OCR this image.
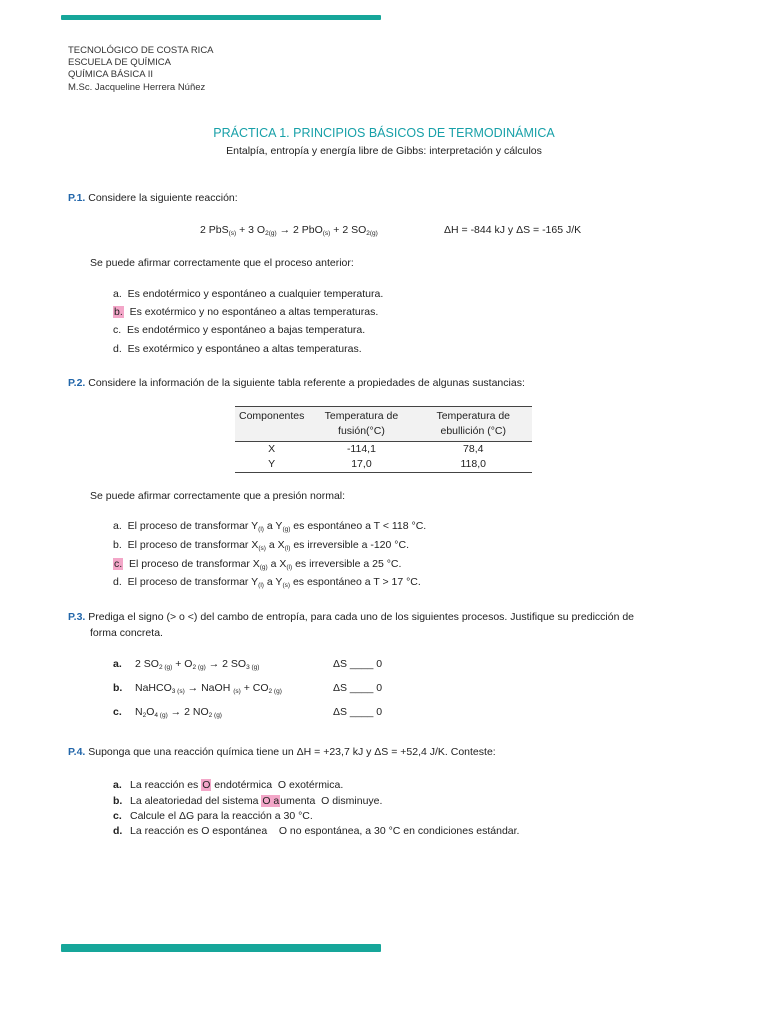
TECNOLÓGICO DE COSTA RICA
ESCUELA DE QUÍMICA
QUÍMICA BÁSICA II
M.Sc. Jacqueline Herrera Núñez
PRÁCTICA 1. PRINCIPIOS BÁSICOS DE TERMODINÁMICA
Entalpía, entropía y energía libre de Gibbs: interpretación y cálculos
P.1. Considere la siguiente reacción:
2 PbS$_{(s)}$ + 3 $O_{2(g)} \to 2$ PbO$_{(s)}$ + 2 $SO_{2(g)}$	ΔH = -844 kJ y ΔS = -165 J/K
Se puede afirmar correctamente que el proceso anterior:
a. Es endotérmico y espontáneo a cualquier temperatura.
b. Es exotérmico y no espontáneo a altas temperaturas.
c. Es endotérmico y espontáneo a bajas temperatura.
d. Es exotérmico y espontáneo a altas temperaturas.
P.2. Considere la información de la siguiente tabla referente a propiedades de algunas sustancias:
Componentes	Temperatura de fusión(°C)	Temperatura de ebullición (°C)
X	-114,1	78,4
Y	17,0	118,0
Se puede afirmar correctamente que a presión normal:
a. El proceso de transformar $Y_{(l)}$ a $Y_{(g)}$ es espontáneo a T < 118 °C.
b. El proceso de transformar $X_{(s)}$ a $X_{(l)}$ es irreversible a -120 °C.
c. El proceso de transformar $X_{(g)}$ a $X_{(l)}$ es irreversible a 25 °C.
d. El proceso de transformar $Y_{(l)}$ a $Y_{(s)}$ es espontáneo a T > 17 °C.
P.3. Prediga el signo (> o <) del cambo de entropía, para cada uno de los siguientes procesos. Justifique su predicción de
forma concreta.
a. 2 $SO_{2 (g)} + O_{2 (g)} \to 2$ $SO_{3 (g)}$	ΔS ____ 0
b. NaHCO$_{3 (s)}$ → NaOH $_{(s)} + CO_{2 (g)}$	ΔS ____ 0
c. $N_2O_{4 (g)} \to 2$ $NO_{2 (g)}$	ΔS ____ 0
P.4. Suponga que una reacción química tiene un ΔH = +23,7 kJ y ΔS = +52,4 J/K. Conteste:
a. La reacción es O endotérmica  O exotérmica.
b. La aleatoriedad del sistema O aumenta  O disminuye.
c. Calcule el ΔG para la reacción a 30 °C.
d. La reacción es O espontánea    O no espontánea, a 30 °C en condiciones estándar.
